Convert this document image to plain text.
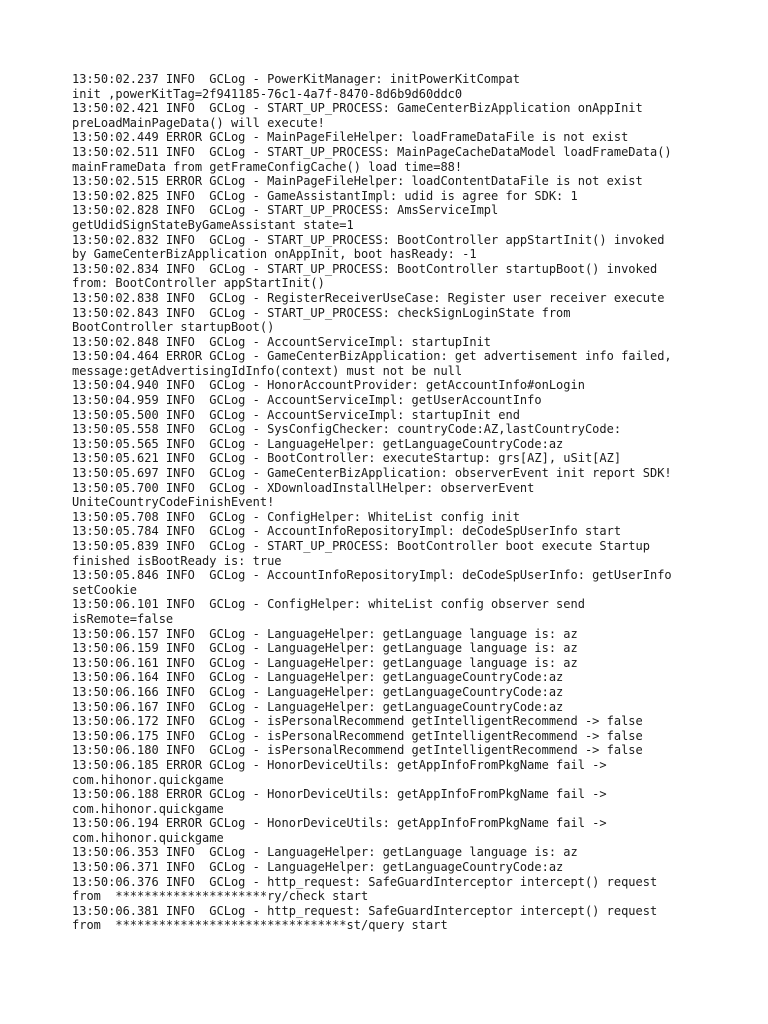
13:50:02.237 INFO  GCLog - PowerKitManager: initPowerKitCompat
init ,powerKitTag=2f941185-76c1-4a7f-8470-8d6b9d60ddc0
13:50:02.421 INFO  GCLog - START_UP_PROCESS: GameCenterBizApplication onAppInit
preLoadMainPageData() will execute!
13:50:02.449 ERROR GCLog - MainPageFileHelper: loadFrameDataFile is not exist
13:50:02.511 INFO  GCLog - START_UP_PROCESS: MainPageCacheDataModel loadFrameData()
mainFrameData from getFrameConfigCache() load time=88!
13:50:02.515 ERROR GCLog - MainPageFileHelper: loadContentDataFile is not exist
13:50:02.825 INFO  GCLog - GameAssistantImpl: udid is agree for SDK: 1
13:50:02.828 INFO  GCLog - START_UP_PROCESS: AmsServiceImpl
getUdidSignStateByGameAssistant state=1
13:50:02.832 INFO  GCLog - START_UP_PROCESS: BootController appStartInit() invoked
by GameCenterBizApplication onAppInit, boot hasReady: -1
13:50:02.834 INFO  GCLog - START_UP_PROCESS: BootController startupBoot() invoked
from: BootController appStartInit()
13:50:02.838 INFO  GCLog - RegisterReceiverUseCase: Register user receiver execute
13:50:02.843 INFO  GCLog - START_UP_PROCESS: checkSignLoginState from
BootController startupBoot()
13:50:02.848 INFO  GCLog - AccountServiceImpl: startupInit
13:50:04.464 ERROR GCLog - GameCenterBizApplication: get advertisement info failed,
message:getAdvertisingIdInfo(context) must not be null
13:50:04.940 INFO  GCLog - HonorAccountProvider: getAccountInfo#onLogin
13:50:04.959 INFO  GCLog - AccountServiceImpl: getUserAccountInfo
13:50:05.500 INFO  GCLog - AccountServiceImpl: startupInit end
13:50:05.558 INFO  GCLog - SysConfigChecker: countryCode:AZ,lastCountryCode:
13:50:05.565 INFO  GCLog - LanguageHelper: getLanguageCountryCode:az
13:50:05.621 INFO  GCLog - BootController: executeStartup: grs[AZ], uSit[AZ]
13:50:05.697 INFO  GCLog - GameCenterBizApplication: observerEvent init report SDK!
13:50:05.700 INFO  GCLog - XDownloadInstallHelper: observerEvent
UniteCountryCodeFinishEvent!
13:50:05.708 INFO  GCLog - ConfigHelper: WhiteList config init
13:50:05.784 INFO  GCLog - AccountInfoRepositoryImpl: deCodeSpUserInfo start
13:50:05.839 INFO  GCLog - START_UP_PROCESS: BootController boot execute Startup
finished isBootReady is: true
13:50:05.846 INFO  GCLog - AccountInfoRepositoryImpl: deCodeSpUserInfo: getUserInfo
setCookie
13:50:06.101 INFO  GCLog - ConfigHelper: whiteList config observer send
isRemote=false
13:50:06.157 INFO  GCLog - LanguageHelper: getLanguage language is: az
13:50:06.159 INFO  GCLog - LanguageHelper: getLanguage language is: az
13:50:06.161 INFO  GCLog - LanguageHelper: getLanguage language is: az
13:50:06.164 INFO  GCLog - LanguageHelper: getLanguageCountryCode:az
13:50:06.166 INFO  GCLog - LanguageHelper: getLanguageCountryCode:az
13:50:06.167 INFO  GCLog - LanguageHelper: getLanguageCountryCode:az
13:50:06.172 INFO  GCLog - isPersonalRecommend getIntelligentRecommend -> false
13:50:06.175 INFO  GCLog - isPersonalRecommend getIntelligentRecommend -> false
13:50:06.180 INFO  GCLog - isPersonalRecommend getIntelligentRecommend -> false
13:50:06.185 ERROR GCLog - HonorDeviceUtils: getAppInfoFromPkgName fail ->
com.hihonor.quickgame
13:50:06.188 ERROR GCLog - HonorDeviceUtils: getAppInfoFromPkgName fail ->
com.hihonor.quickgame
13:50:06.194 ERROR GCLog - HonorDeviceUtils: getAppInfoFromPkgName fail ->
com.hihonor.quickgame
13:50:06.353 INFO  GCLog - LanguageHelper: getLanguage language is: az
13:50:06.371 INFO  GCLog - LanguageHelper: getLanguageCountryCode:az
13:50:06.376 INFO  GCLog - http_request: SafeGuardInterceptor intercept() request
from  *********************ry/check start
13:50:06.381 INFO  GCLog - http_request: SafeGuardInterceptor intercept() request
from  ********************************st/query start
